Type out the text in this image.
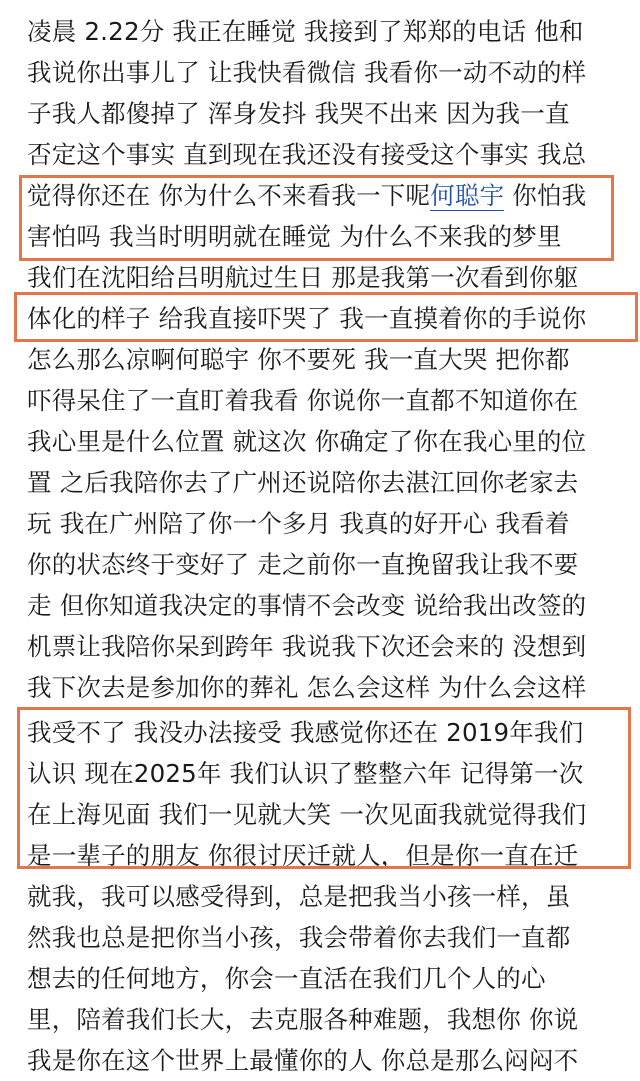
凌晨 2.22分 我正在睡觉 我接到了郑郑的电话 他和
我说你出事儿了 让我快看微信 我看你一动不动的样
子我人都傻掉了 浑身发抖 我哭不出来 因为我一直
否定这个事实 直到现在我还没有接受这个事实 我总
觉得你还在 你为什么不来看我一下呢何聪宇 你怕我
害怕吗 我当时明明就在睡觉 为什么不来我的梦里
我们在沈阳给吕明航过生日 那是我第一次看到你躯
体化的样子 给我直接吓哭了 我一直摸着你的手说你
怎么那么凉啊何聪宇 你不要死 我一直大哭 把你都
吓得呆住了一直盯着我看 你说你一直都不知道你在
我心里是什么位置 就这次 你确定了你在我心里的位
置 之后我陪你去了广州还说陪你去湛江回你老家去
玩 我在广州陪了你一个多月 我真的好开心 我看着
你的状态终于变好了 走之前你一直挽留我让我不要
走 但你知道我决定的事情不会改变 说给我出改签的
机票让我陪你呆到跨年 我说我下次还会来的 没想到
我下次去是参加你的葬礼 怎么会这样 为什么会这样
我受不了 我没办法接受 我感觉你还在 2019年我们
认识 现在2025年 我们认识了整整六年 记得第一次
在上海见面 我们一见就大笑 一次见面我就觉得我们
是一辈子的朋友 你很讨厌迁就人，但是你一直在迁
就我，我可以感受得到，总是把我当小孩一样，虽
然我也总是把你当小孩，我会带着你去我们一直都
想去的任何地方，你会一直活在我们几个人的心
里，陪着我们长大，去克服各种难题，我想你 你说
我是你在这个世界上最懂你的人 你总是那么闷闷不
